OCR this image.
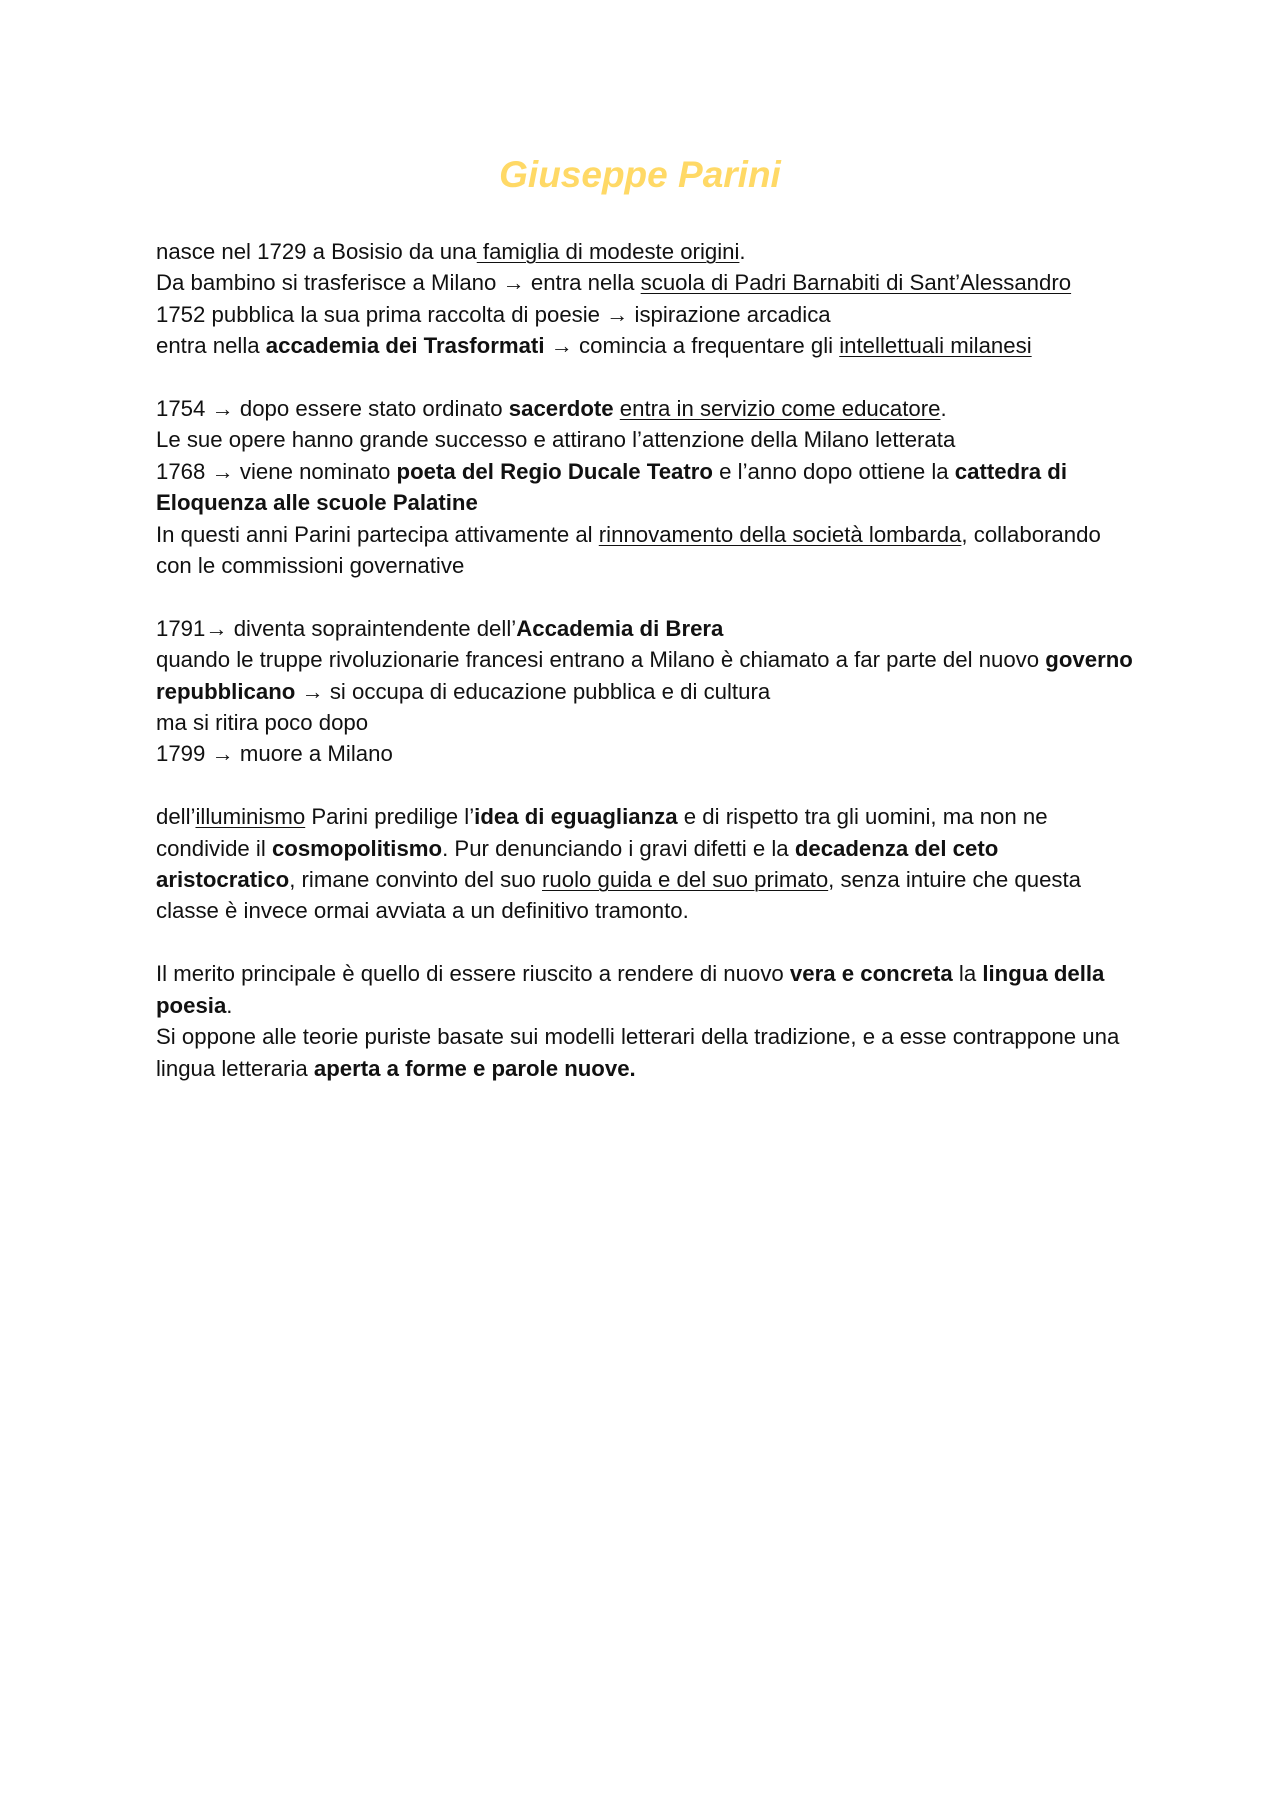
Giuseppe Parini

nasce nel 1729 a Bosisio da una famiglia di modeste origini.

Da bambino si trasferisce a Milano → entra nella scuola di Padri Barnabiti di Sant’Alessandro

1752 pubblica la sua prima raccolta di poesie → ispirazione arcadica

entra nella accademia dei Trasformati → comincia a frequentare gli intellettuali milanesi

1754 → dopo essere stato ordinato sacerdote entra in servizio come educatore.

Le sue opere hanno grande successo e attirano l’attenzione della Milano letterata

1768 → viene nominato poeta del Regio Ducale Teatro e l’anno dopo ottiene la cattedra di Eloquenza alle scuole Palatine

In questi anni Parini partecipa attivamente al rinnovamento della società lombarda, collaborando con le commissioni governative

1791→ diventa sopraintendente dell’Accademia di Brera

quando le truppe rivoluzionarie francesi entrano a Milano è chiamato a far parte del nuovo governo repubblicano → si occupa di educazione pubblica e di cultura

ma si ritira poco dopo

1799 → muore a Milano

dell’illuminismo Parini predilige l’idea di eguaglianza e di rispetto tra gli uomini, ma non ne condivide il cosmopolitismo. Pur denunciando i gravi difetti e la decadenza del ceto aristocratico, rimane convinto del suo ruolo guida e del suo primato, senza intuire che questa classe è invece ormai avviata a un definitivo tramonto.

Il merito principale è quello di essere riuscito a rendere di nuovo vera e concreta la lingua della poesia.

Si oppone alle teorie puriste basate sui modelli letterari della tradizione, e a esse contrappone una lingua letteraria aperta a forme e parole nuove.
